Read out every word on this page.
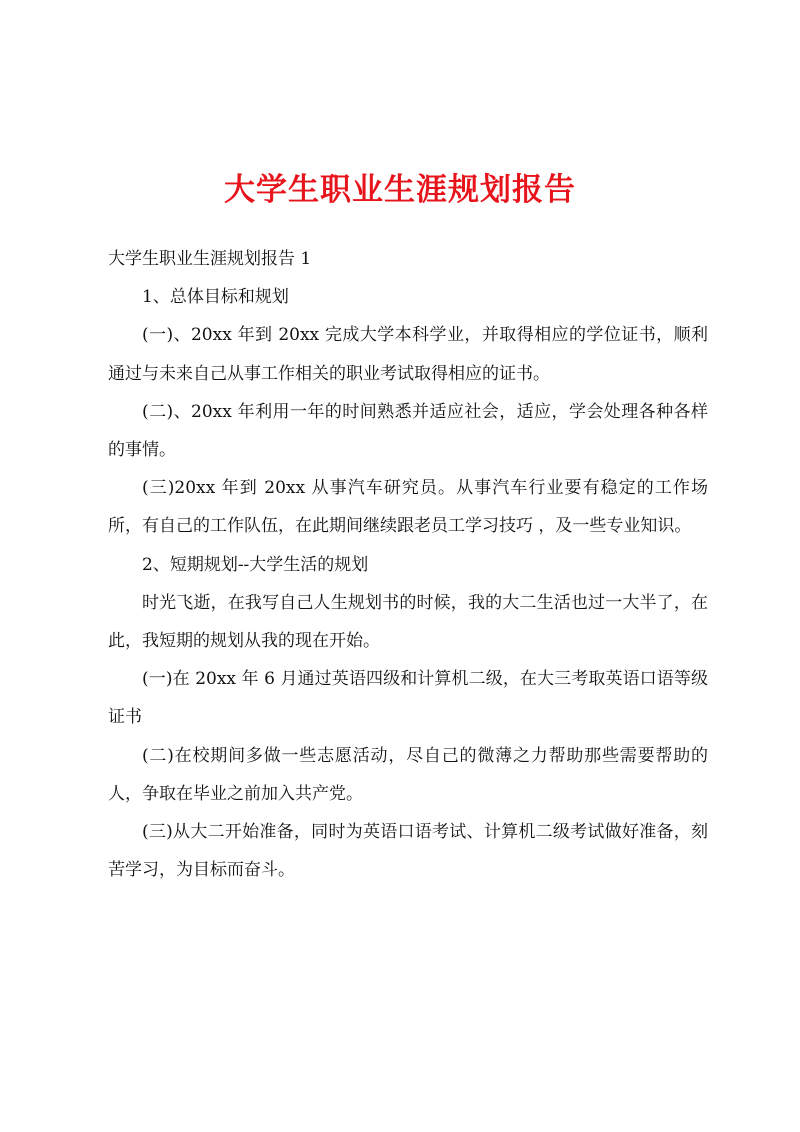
大学生职业生涯规划报告

大学生职业生涯规划报告 1

1、总体目标和规划

(一)、20xx 年到 20xx 完成大学本科学业，并取得相应的学位证书，顺利通过与未来自己从事工作相关的职业考试取得相应的证书。

(二)、20xx 年利用一年的时间熟悉并适应社会，适应，学会处理各种各样的事情。

(三)20xx 年到 20xx 从事汽车研究员。从事汽车行业要有稳定的工作场所，有自己的工作队伍，在此期间继续跟老员工学习技巧 ，及一些专业知识。

2、短期规划--大学生活的规划

时光飞逝，在我写自己人生规划书的时候，我的大二生活也过一大半了，在此，我短期的规划从我的现在开始。

(一)在 20xx 年 6 月通过英语四级和计算机二级，在大三考取英语口语等级证书

(二)在校期间多做一些志愿活动，尽自己的微薄之力帮助那些需要帮助的人，争取在毕业之前加入共产党。

(三)从大二开始准备，同时为英语口语考试、计算机二级考试做好准备，刻苦学习，为目标而奋斗。
